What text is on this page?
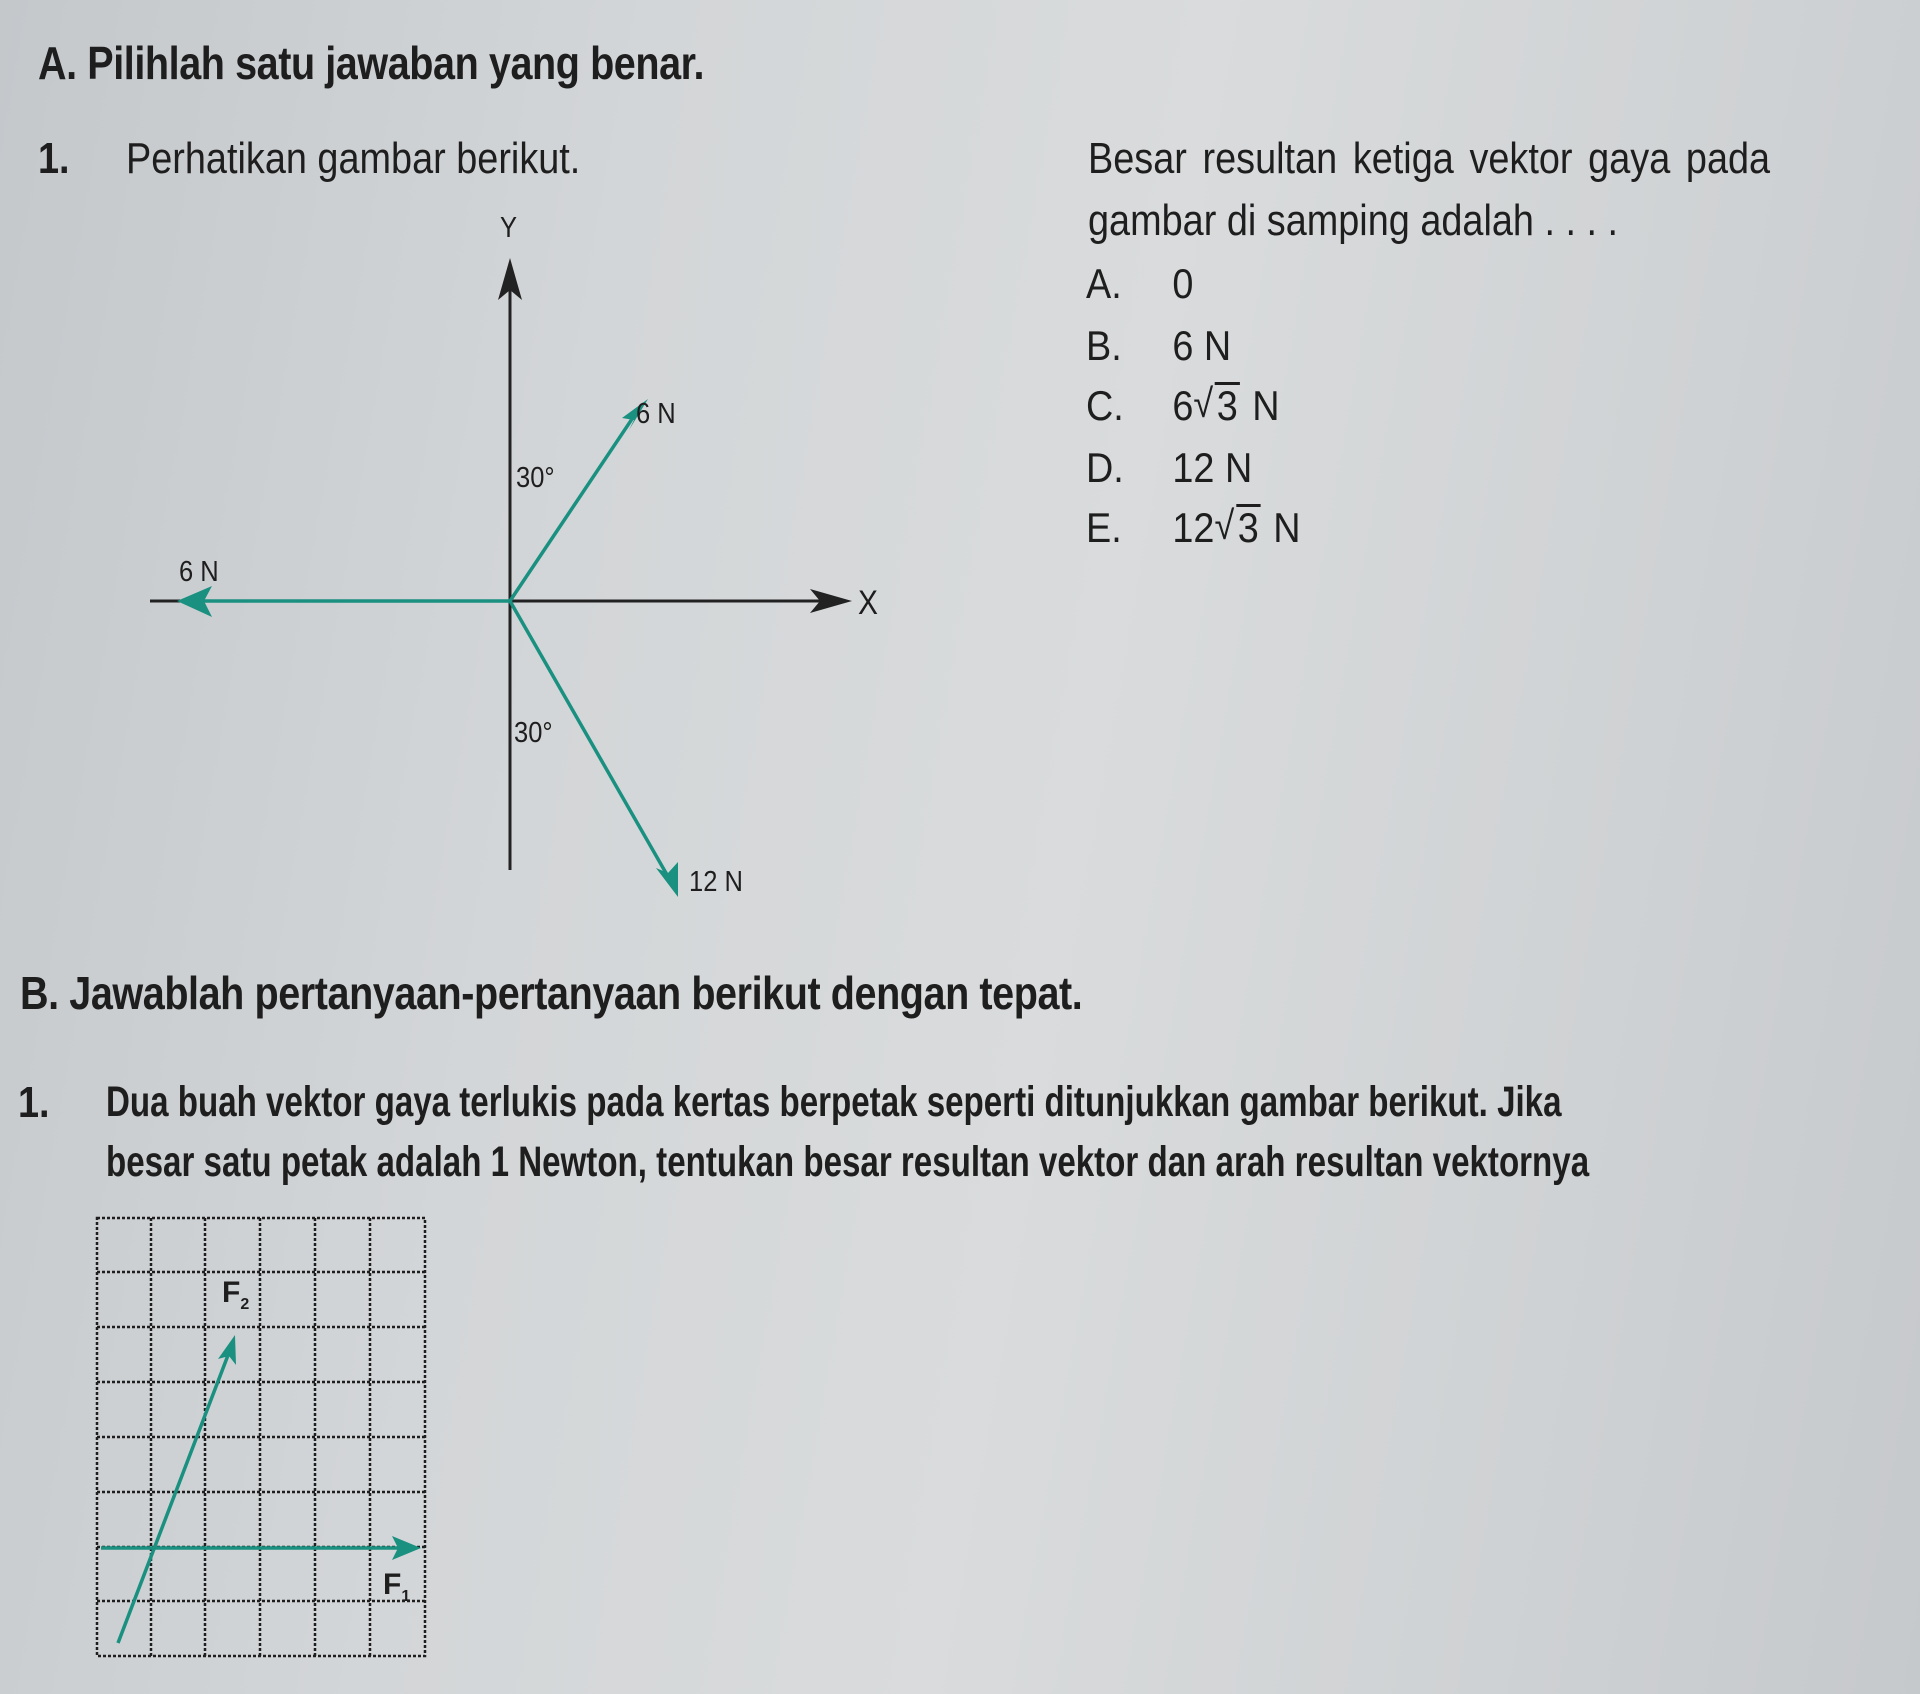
A. Pilihlah satu jawaban yang benar.
1. Perhatikan gambar berikut.	Besar resultan ketiga vektor gaya pada
gambar di samping adalah . . . .
A.	0
B.	6 N
C.	6 √ 3 N
D.	12 N
E.	12 √ 3 N
Y
X
6 N
30°
6 N
30°
12 N
B. Jawablah pertanyaan-pertanyaan berikut dengan tepat.
1. Dua buah vektor gaya terlukis pada kertas berpetak seperti ditunjukkan gambar berikut. Jika
besar satu petak adalah 1 Newton, tentukan besar resultan vektor dan arah resultan vektornya
$F_2$
$F_1$
